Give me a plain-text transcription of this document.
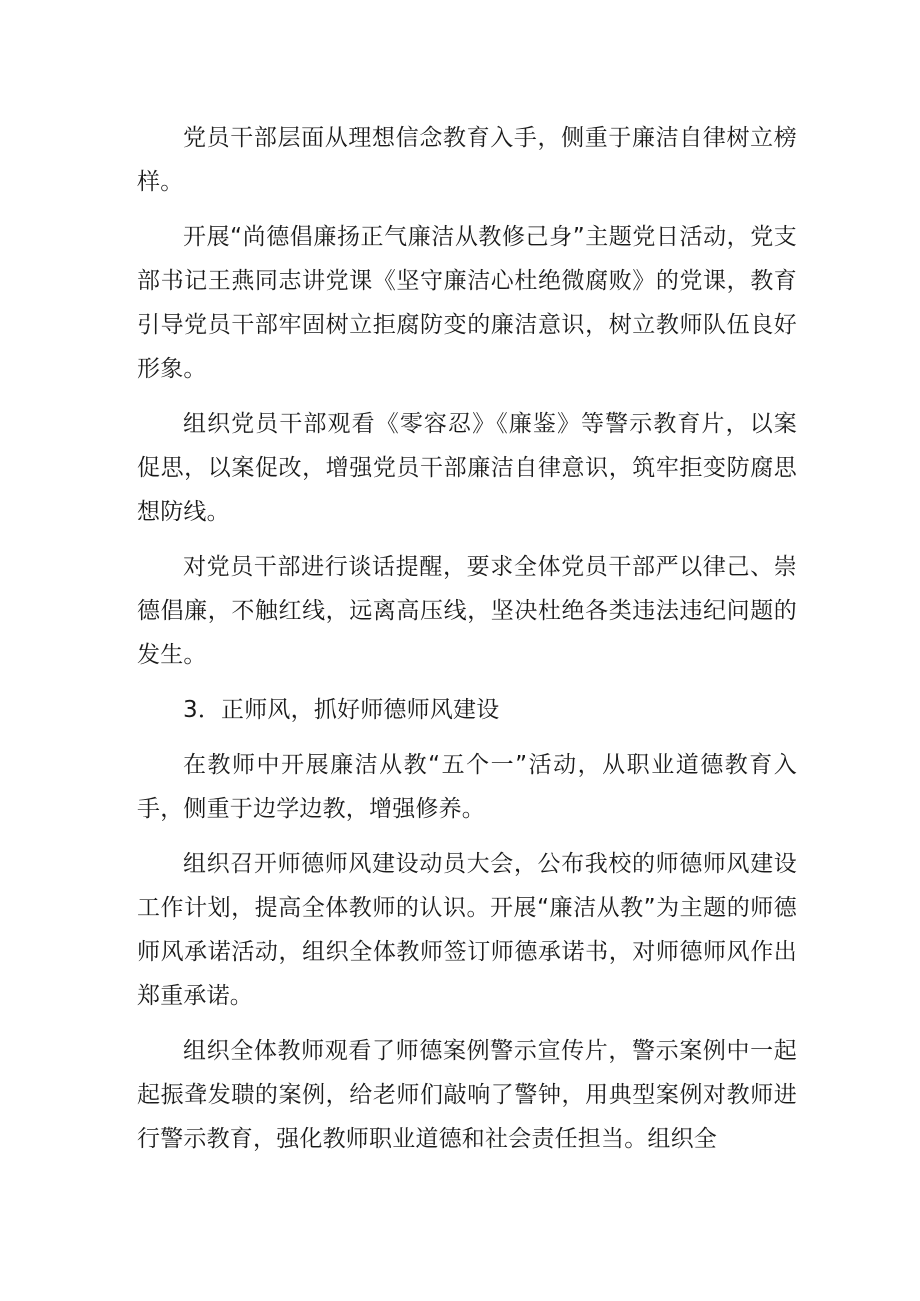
党员干部层面从理想信念教育入手，侧重于廉洁自律树立榜样。

开展“尚德倡廉扬正气廉洁从教修己身”主题党日活动，党支部书记王燕同志讲党课《坚守廉洁心杜绝微腐败》的党课，教育引导党员干部牢固树立拒腐防变的廉洁意识，树立教师队伍良好形象。

组织党员干部观看《零容忍》《廉鉴》等警示教育片，以案促思，以案促改，增强党员干部廉洁自律意识，筑牢拒变防腐思想防线。

对党员干部进行谈话提醒，要求全体党员干部严以律己、崇德倡廉，不触红线，远离高压线，坚决杜绝各类违法违纪问题的发生。

3．正师风，抓好师德师风建设

在教师中开展廉洁从教“五个一”活动，从职业道德教育入手，侧重于边学边教，增强修养。

组织召开师德师风建设动员大会，公布我校的师德师风建设工作计划，提高全体教师的认识。开展“廉洁从教”为主题的师德师风承诺活动，组织全体教师签订师德承诺书，对师德师风作出郑重承诺。

组织全体教师观看了师德案例警示宣传片，警示案例中一起起振聋发聩的案例，给老师们敲响了警钟，用典型案例对教师进行警示教育，强化教师职业道德和社会责任担当。组织全
